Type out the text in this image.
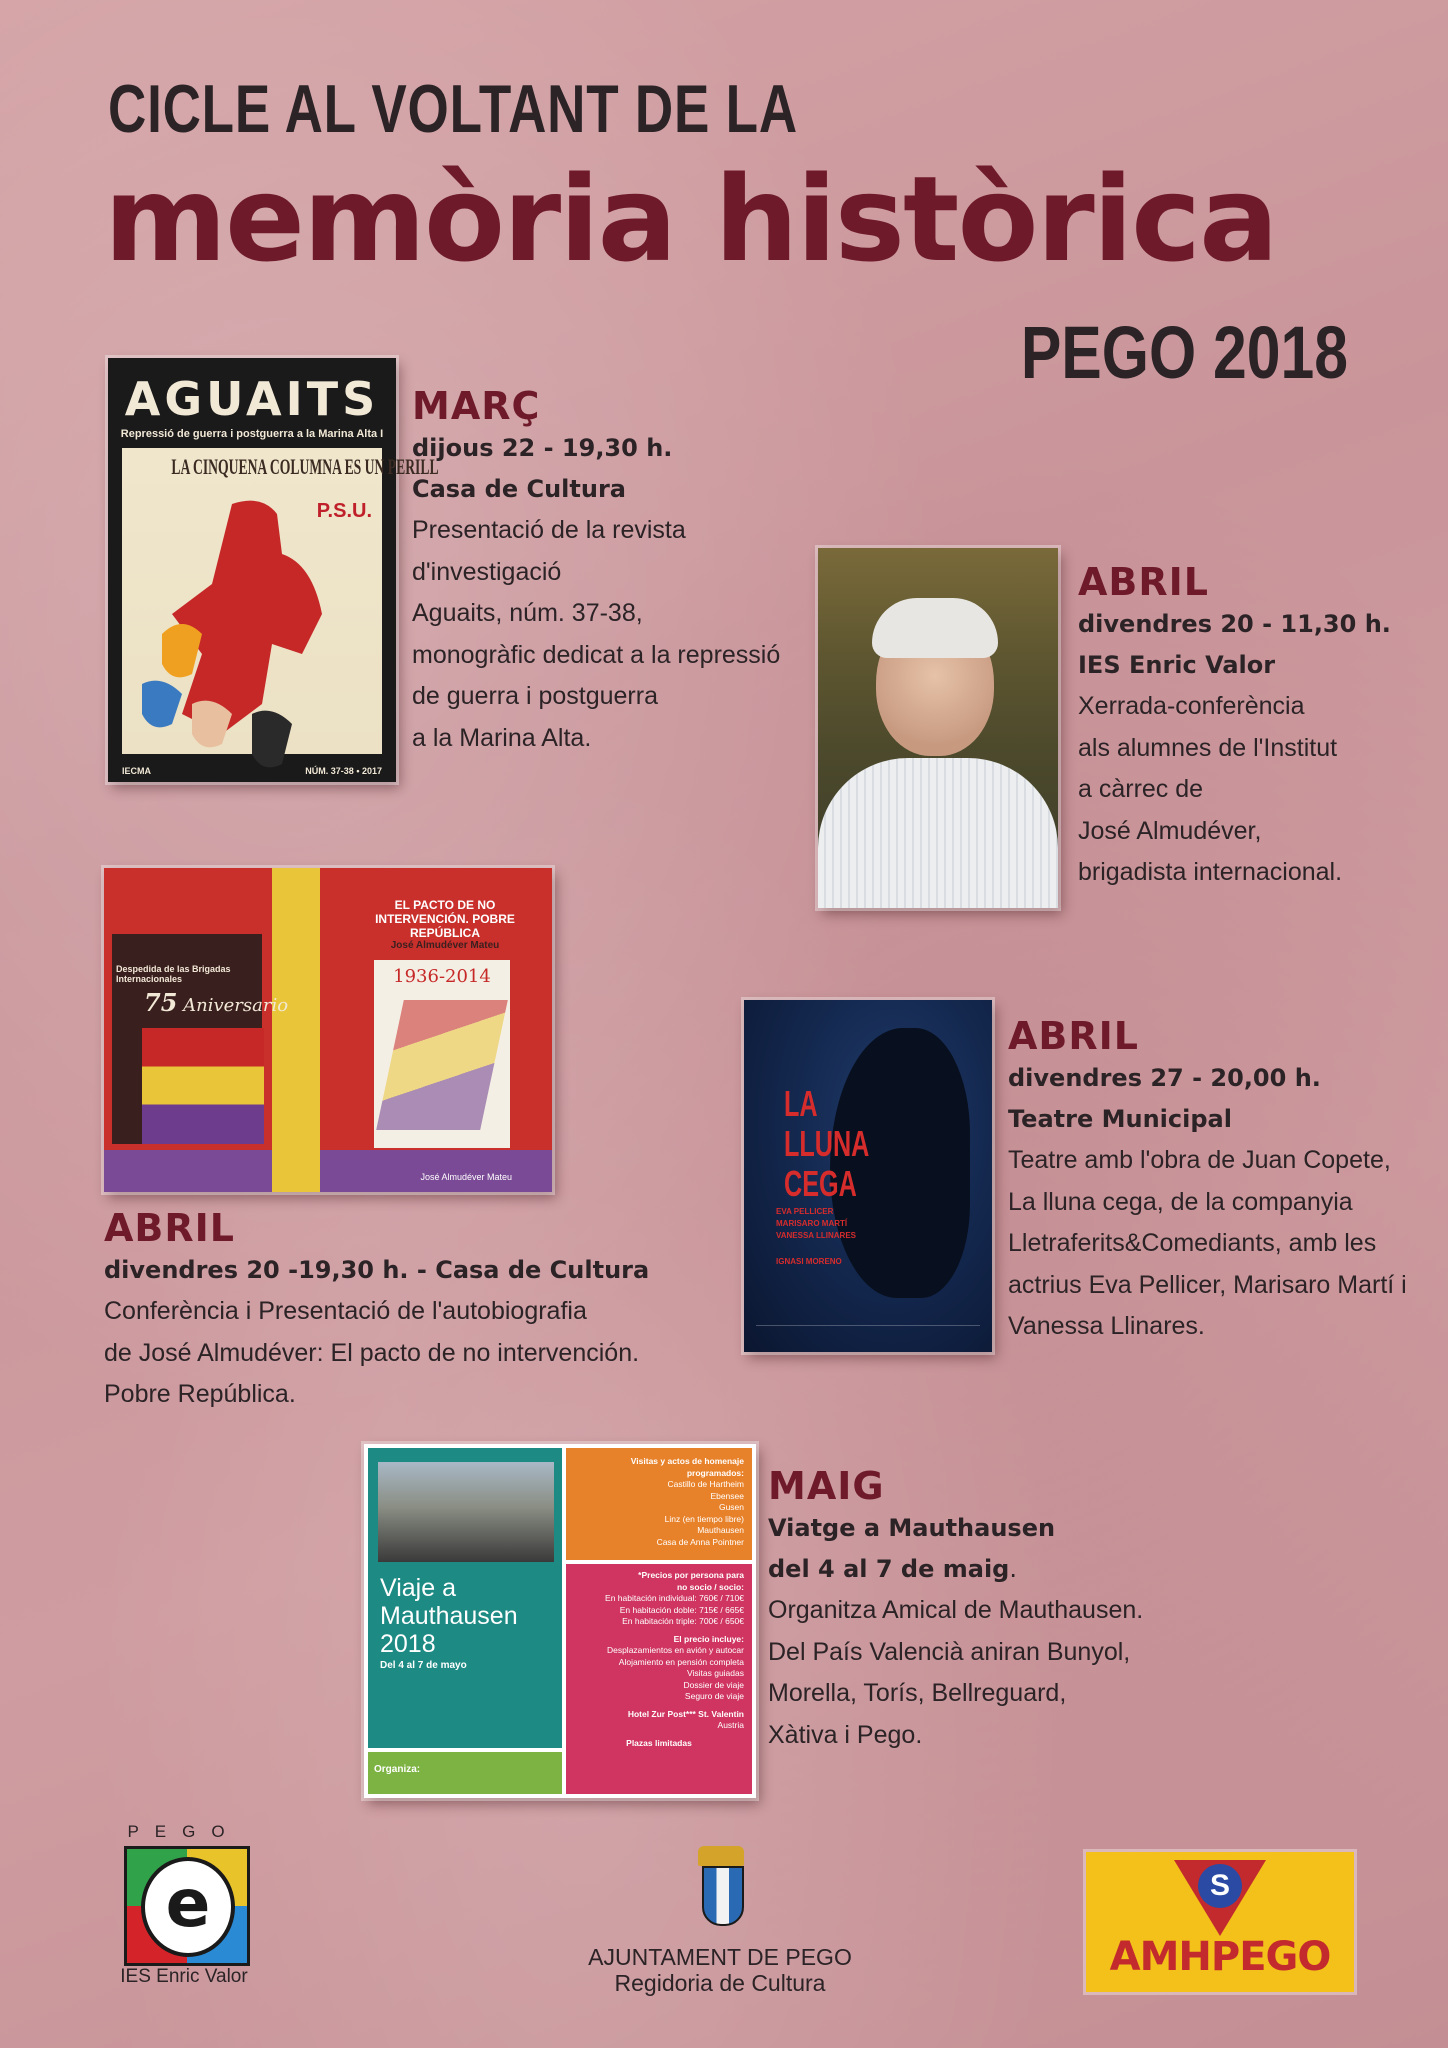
CICLE AL VOLTANT DE LA
memòria històrica
PEGO 2018
AGUAITS
Repressió de guerra i postguerra a la Marina Alta I
LA CINQUENA COLUMNA ES UN PERILL
P.S.U.
IECMA	NÚM. 37-38 • 2017
MARÇ
dijous 22 - 19,30 h.
Casa de Cultura
Presentació de la revista
d'investigació
Aguaits, núm. 37-38,
monogràfic dedicat a la repressió
de guerra i postguerra
a la Marina Alta.
ABRIL
divendres 20 - 11,30 h.
IES Enric Valor
Xerrada-conferència
als alumnes de l'Institut
a càrrec de
José Almudéver,
brigadista internacional.
Despedida de las Brigadas Internacionales
75 Aniversario
EL PACTO DE NO INTERVENCIÓN. POBRE REPÚBLICA
José Almudéver Mateu
1936-2014
José Almudéver Mateu
ABRIL
divendres 20 -19,30 h. - Casa de Cultura
Conferència i Presentació de l'autobiografia
de José Almudéver: El pacto de no intervención.
Pobre República.
LA
LLUNA
CEGA
EVA PELLICER
MARISARO MARTÍ
VANESSA LLINARES
IGNASI MORENO
ABRIL
divendres 27 - 20,00 h.
Teatre Municipal
Teatre amb l'obra de Juan Copete,
La lluna cega, de la companyia
Lletraferits&Comediants, amb les
actrius Eva Pellicer, Marisaro Martí i
Vanessa Llinares.
Viaje a Mauthausen 2018
Del 4 al 7 de mayo
Visitas y actos de homenaje programados:
Castillo de Hartheim
Ebensee
Gusen
Linz (en tiempo libre)
Mauthausen
Casa de Anna Pointner
*Precios por persona para
no socio / socio:
En habitación individual: 760€ / 710€
En habitación doble: 715€ / 665€
En habitación triple: 700€ / 650€
El precio incluye:
Desplazamientos en avión y autocar
Alojamiento en pensión completa
Visitas guiadas
Dossier de viaje
Seguro de viaje
Hotel Zur Post*** St. Valentin
Austria
Plazas limitadas
Organiza:
MAIG
Viatge a Mauthausen
del 4 al 7 de maig.
Organitza Amical de Mauthausen.
Del País Valencià aniran Bunyol,
Morella, Torís, Bellreguard,
Xàtiva i Pego.
PEGO
e
IES Enric Valor
AJUNTAMENT DE PEGO
Regidoria de Cultura
S
AMHPEGO
